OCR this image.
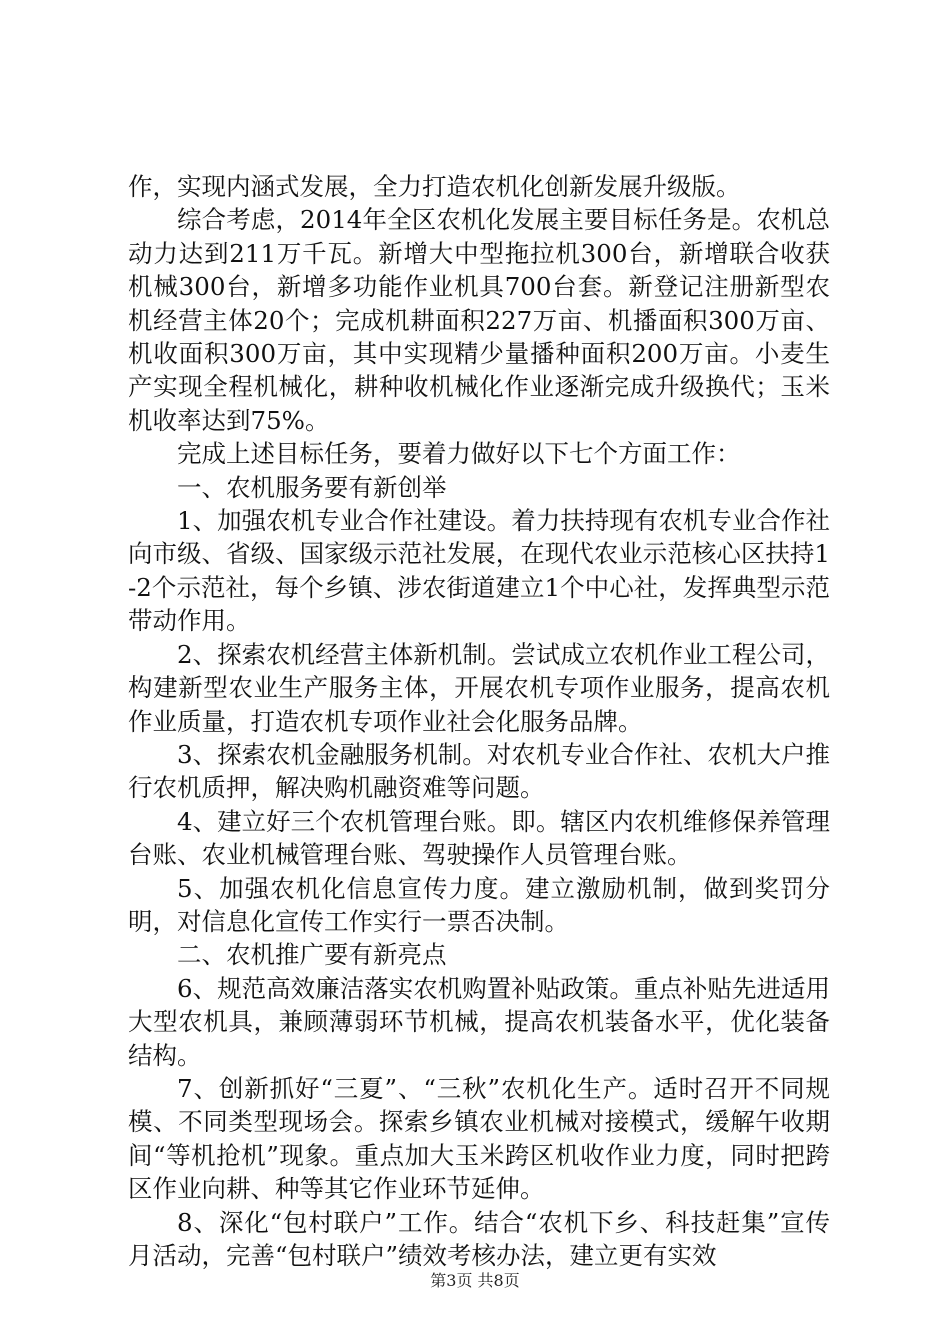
作，实现内涵式发展，全力打造农机化创新发展升级版。

综合考虑，2014年全区农机化发展主要目标任务是。农机总动力达到211万千瓦。新增大中型拖拉机300台，新增联合收获机械300台，新增多功能作业机具700台套。新登记注册新型农机经营主体20个；完成机耕面积227万亩、机播面积300万亩、机收面积300万亩，其中实现精少量播种面积200万亩。小麦生产实现全程机械化，耕种收机械化作业逐渐完成升级换代；玉米机收率达到75%。

完成上述目标任务，要着力做好以下七个方面工作：

一、农机服务要有新创举

1、加强农机专业合作社建设。着力扶持现有农机专业合作社向市级、省级、国家级示范社发展，在现代农业示范核心区扶持1-2个示范社，每个乡镇、涉农街道建立1个中心社，发挥典型示范带动作用。

2、探索农机经营主体新机制。尝试成立农机作业工程公司，构建新型农业生产服务主体，开展农机专项作业服务，提高农机作业质量，打造农机专项作业社会化服务品牌。

3、探索农机金融服务机制。对农机专业合作社、农机大户推行农机质押，解决购机融资难等问题。

4、建立好三个农机管理台账。即。辖区内农机维修保养管理台账、农业机械管理台账、驾驶操作人员管理台账。

5、加强农机化信息宣传力度。建立激励机制，做到奖罚分明，对信息化宣传工作实行一票否决制。

二、农机推广要有新亮点

6、规范高效廉洁落实农机购置补贴政策。重点补贴先进适用大型农机具，兼顾薄弱环节机械，提高农机装备水平，优化装备结构。

7、创新抓好“三夏”、“三秋”农机化生产。适时召开不同规模、不同类型现场会。探索乡镇农业机械对接模式，缓解午收期间“等机抢机”现象。重点加大玉米跨区机收作业力度，同时把跨区作业向耕、种等其它作业环节延伸。

8、深化“包村联户”工作。结合“农机下乡、科技赶集”宣传月活动，完善“包村联户”绩效考核办法，建立更有实效

第3页 共8页
